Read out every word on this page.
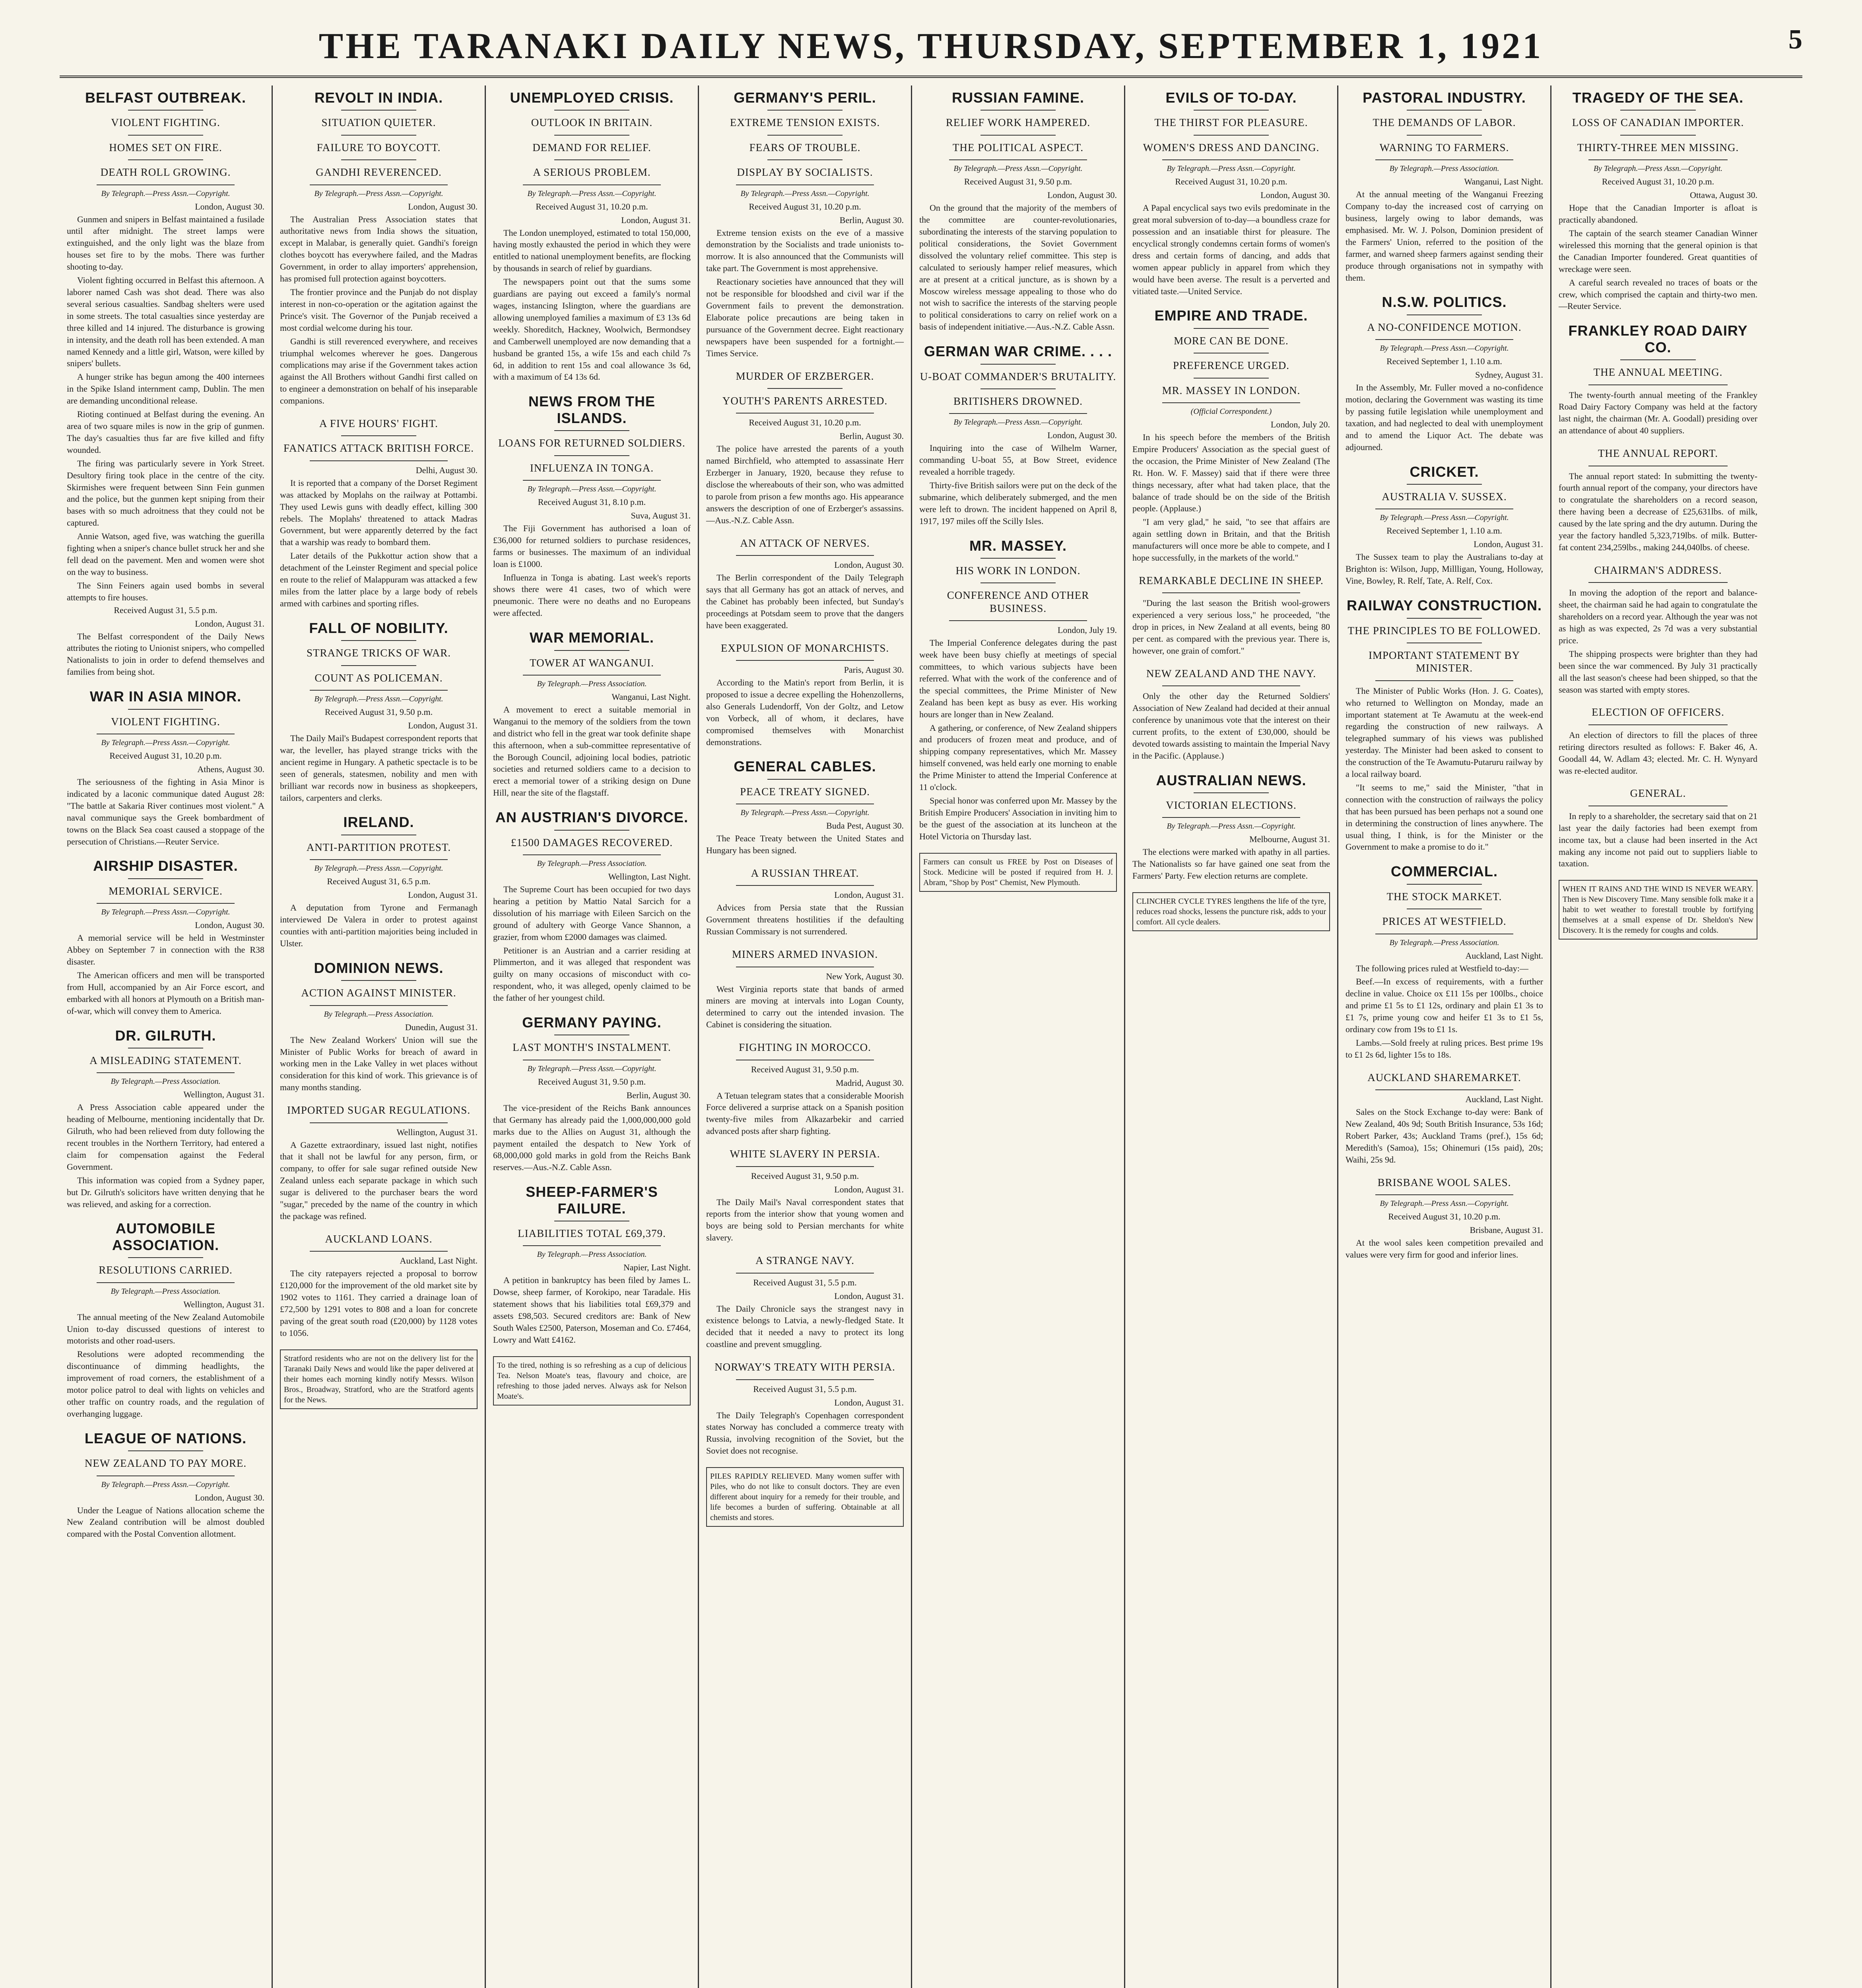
THE TARANAKI DAILY NEWS, THURSDAY, SEPTEMBER 1, 1921	5
BELFAST OUTBREAK.
VIOLENT FIGHTING.
HOMES SET ON FIRE.
DEATH ROLL GROWING.
By Telegraph.—Press Assn.—Copyright.
London, August 30.

Gunmen and snipers in Belfast maintained a fusilade until after midnight. The street lamps were extinguished, and the only light was the blaze from houses set fire to by the mobs. There was further shooting to-day.

Violent fighting occurred in Belfast this afternoon. A laborer named Cash was shot dead. There was also several serious casualties. Sandbag shelters were used in some streets. The total casualties since yesterday are three killed and 14 injured. The disturbance is growing in intensity, and the death roll has been extended. A man named Kennedy and a little girl, Watson, were killed by snipers' bullets.

A hunger strike has begun among the 400 internees in the Spike Island internment camp, Dublin. The men are demanding unconditional release.

Rioting continued at Belfast during the evening. An area of two square miles is now in the grip of gunmen. The day's casualties thus far are five killed and fifty wounded.

The firing was particularly severe in York Street. Desultory firing took place in the centre of the city. Skirmishes were frequent between Sinn Fein gunmen and the police, but the gunmen kept sniping from their bases with so much adroitness that they could not be captured.

Annie Watson, aged five, was watching the guerilla fighting when a sniper's chance bullet struck her and she fell dead on the pavement. Men and women were shot on the way to business.

The Sinn Feiners again used bombs in several attempts to fire houses.

Received August 31, 5.5 p.m.
London, August 31.

The Belfast correspondent of the Daily News attributes the rioting to Unionist snipers, who compelled Nationalists to join in order to defend themselves and families from being shot.

WAR IN ASIA MINOR.
VIOLENT FIGHTING.
By Telegraph.—Press Assn.—Copyright.
Received August 31, 10.20 p.m.
Athens, August 30.

The seriousness of the fighting in Asia Minor is indicated by a laconic communique dated August 28: "The battle at Sakaria River continues most violent." A naval communique says the Greek bombardment of towns on the Black Sea coast caused a stoppage of the persecution of Christians.—Reuter Service.

AIRSHIP DISASTER.
MEMORIAL SERVICE.
By Telegraph.—Press Assn.—Copyright.
London, August 30.

A memorial service will be held in Westminster Abbey on September 7 in connection with the R38 disaster.

The American officers and men will be transported from Hull, accompanied by an Air Force escort, and embarked with all honors at Plymouth on a British man-of-war, which will convey them to America.

DR. GILRUTH.
A MISLEADING STATEMENT.
By Telegraph.—Press Association.
Wellington, August 31.

A Press Association cable appeared under the heading of Melbourne, mentioning incidentally that Dr. Gilruth, who had been relieved from duty following the recent troubles in the Northern Territory, had entered a claim for compensation against the Federal Government.

This information was copied from a Sydney paper, but Dr. Gilruth's solicitors have written denying that he was relieved, and asking for a correction.

AUTOMOBILE ASSOCIATION.
RESOLUTIONS CARRIED.
By Telegraph.—Press Association.
Wellington, August 31.

The annual meeting of the New Zealand Automobile Union to-day discussed questions of interest to motorists and other road-users.

Resolutions were adopted recommending the discontinuance of dimming headlights, the improvement of road corners, the establishment of a motor police patrol to deal with lights on vehicles and other traffic on country roads, and the regulation of overhanging luggage.

LEAGUE OF NATIONS.
NEW ZEALAND TO PAY MORE.
By Telegraph.—Press Assn.—Copyright.
London, August 30.

Under the League of Nations allocation scheme the New Zealand contribution will be almost doubled compared with the Postal Convention allotment.

REVOLT IN INDIA.
SITUATION QUIETER.
FAILURE TO BOYCOTT.
GANDHI REVERENCED.
By Telegraph.—Press Assn.—Copyright.
London, August 30.

The Australian Press Association states that authoritative news from India shows the situation, except in Malabar, is generally quiet. Gandhi's foreign clothes boycott has everywhere failed, and the Madras Government, in order to allay importers' apprehension, has promised full protection against boycotters.

The frontier province and the Punjab do not display interest in non-co-operation or the agitation against the Prince's visit. The Governor of the Punjab received a most cordial welcome during his tour.

Gandhi is still reverenced everywhere, and receives triumphal welcomes wherever he goes. Dangerous complications may arise if the Government takes action against the All Brothers without Gandhi first called on to engineer a demonstration on behalf of his inseparable companions.

A FIVE HOURS' FIGHT.
FANATICS ATTACK BRITISH FORCE.
Delhi, August 30.

It is reported that a company of the Dorset Regiment was attacked by Moplahs on the railway at Pottambi. They used Lewis guns with deadly effect, killing 300 rebels. The Moplahs' threatened to attack Madras Government, but were apparently deterred by the fact that a warship was ready to bombard them.

Later details of the Pukkottur action show that a detachment of the Leinster Regiment and special police en route to the relief of Malappuram was attacked a few miles from the latter place by a large body of rebels armed with carbines and sporting rifles.

FALL OF NOBILITY.
STRANGE TRICKS OF WAR.
COUNT AS POLICEMAN.
By Telegraph.—Press Assn.—Copyright.
Received August 31, 9.50 p.m.
London, August 31.

The Daily Mail's Budapest correspondent reports that war, the leveller, has played strange tricks with the ancient regime in Hungary. A pathetic spectacle is to be seen of generals, statesmen, nobility and men with brilliant war records now in business as shopkeepers, tailors, carpenters and clerks.

IRELAND.
ANTI-PARTITION PROTEST.
By Telegraph.—Press Assn.—Copyright.
Received August 31, 6.5 p.m.
London, August 31.

A deputation from Tyrone and Fermanagh interviewed De Valera in order to protest against counties with anti-partition majorities being included in Ulster.

DOMINION NEWS.
ACTION AGAINST MINISTER.
By Telegraph.—Press Association.
Dunedin, August 31.

The New Zealand Workers' Union will sue the Minister of Public Works for breach of award in working men in the Lake Valley in wet places without consideration for this kind of work. This grievance is of many months standing.

IMPORTED SUGAR REGULATIONS.
Wellington, August 31.

A Gazette extraordinary, issued last night, notifies that it shall not be lawful for any person, firm, or company, to offer for sale sugar refined outside New Zealand unless each separate package in which such sugar is delivered to the purchaser bears the word "sugar," preceded by the name of the country in which the package was refined.

AUCKLAND LOANS.
Auckland, Last Night.

The city ratepayers rejected a proposal to borrow £120,000 for the improvement of the old market site by 1902 votes to 1161. They carried a drainage loan of £72,500 by 1291 votes to 808 and a loan for concrete paving of the great south road (£20,000) by 1128 votes to 1056.

Stratford residents who are not on the delivery list for the Taranaki Daily News and would like the paper delivered at their homes each morning kindly notify Messrs. Wilson Bros., Broadway, Stratford, who are the Stratford agents for the News.
UNEMPLOYED CRISIS.
OUTLOOK IN BRITAIN.
DEMAND FOR RELIEF.
A SERIOUS PROBLEM.
By Telegraph.—Press Assn.—Copyright.
Received August 31, 10.20 p.m.
London, August 31.

The London unemployed, estimated to total 150,000, having mostly exhausted the period in which they were entitled to national unemployment benefits, are flocking by thousands in search of relief by guardians.

The newspapers point out that the sums some guardians are paying out exceed a family's normal wages, instancing Islington, where the guardians are allowing unemployed families a maximum of £3 13s 6d weekly. Shoreditch, Hackney, Woolwich, Bermondsey and Camberwell unemployed are now demanding that a husband be granted 15s, a wife 15s and each child 7s 6d, in addition to rent 15s and coal allowance 3s 6d, with a maximum of £4 13s 6d.

NEWS FROM THE ISLANDS.
LOANS FOR RETURNED SOLDIERS.
INFLUENZA IN TONGA.
By Telegraph.—Press Assn.—Copyright.
Received August 31, 8.10 p.m.
Suva, August 31.

The Fiji Government has authorised a loan of £36,000 for returned soldiers to purchase residences, farms or businesses. The maximum of an individual loan is £1000.

Influenza in Tonga is abating. Last week's reports shows there were 41 cases, two of which were pneumonic. There were no deaths and no Europeans were affected.

WAR MEMORIAL.
TOWER AT WANGANUI.
By Telegraph.—Press Association.
Wanganui, Last Night.

A movement to erect a suitable memorial in Wanganui to the memory of the soldiers from the town and district who fell in the great war took definite shape this afternoon, when a sub-committee representative of the Borough Council, adjoining local bodies, patriotic societies and returned soldiers came to a decision to erect a memorial tower of a striking design on Dune Hill, near the site of the flagstaff.

AN AUSTRIAN'S DIVORCE.
£1500 DAMAGES RECOVERED.
By Telegraph.—Press Association.
Wellington, Last Night.

The Supreme Court has been occupied for two days hearing a petition by Mattio Natal Sarcich for a dissolution of his marriage with Eileen Sarcich on the ground of adultery with George Vance Shannon, a grazier, from whom £2000 damages was claimed.

Petitioner is an Austrian and a carrier residing at Plimmerton, and it was alleged that respondent was guilty on many occasions of misconduct with co-respondent, who, it was alleged, openly claimed to be the father of her youngest child.

GERMANY PAYING.
LAST MONTH'S INSTALMENT.
By Telegraph.—Press Assn.—Copyright.
Received August 31, 9.50 p.m.
Berlin, August 30.

The vice-president of the Reichs Bank announces that Germany has already paid the 1,000,000,000 gold marks due to the Allies on August 31, although the payment entailed the despatch to New York of 68,000,000 gold marks in gold from the Reichs Bank reserves.—Aus.-N.Z. Cable Assn.

SHEEP-FARMER'S FAILURE.
LIABILITIES TOTAL £69,379.
By Telegraph.—Press Association.
Napier, Last Night.

A petition in bankruptcy has been filed by James L. Dowse, sheep farmer, of Korokipo, near Taradale. His statement shows that his liabilities total £69,379 and assets £98,503. Secured creditors are: Bank of New South Wales £2500, Paterson, Moseman and Co. £7464, Lowry and Watt £4162.

To the tired, nothing is so refreshing as a cup of delicious Tea. Nelson Moate's teas, flavoury and choice, are refreshing to those jaded nerves. Always ask for Nelson Moate's.
GERMANY'S PERIL.
EXTREME TENSION EXISTS.
FEARS OF TROUBLE.
DISPLAY BY SOCIALISTS.
By Telegraph.—Press Assn.—Copyright.
Received August 31, 10.20 p.m.
Berlin, August 30.

Extreme tension exists on the eve of a massive demonstration by the Socialists and trade unionists to-morrow. It is also announced that the Communists will take part. The Government is most apprehensive.

Reactionary societies have announced that they will not be responsible for bloodshed and civil war if the Government fails to prevent the demonstration. Elaborate police precautions are being taken in pursuance of the Government decree. Eight reactionary newspapers have been suspended for a fortnight.—Times Service.

MURDER OF ERZBERGER.
YOUTH'S PARENTS ARRESTED.
Received August 31, 10.20 p.m.
Berlin, August 30.

The police have arrested the parents of a youth named Birchfield, who attempted to assassinate Herr Erzberger in January, 1920, because they refuse to disclose the whereabouts of their son, who was admitted to parole from prison a few months ago. His appearance answers the description of one of Erzberger's assassins.—Aus.-N.Z. Cable Assn.

AN ATTACK OF NERVES.
London, August 30.

The Berlin correspondent of the Daily Telegraph says that all Germany has got an attack of nerves, and the Cabinet has probably been infected, but Sunday's proceedings at Potsdam seem to prove that the dangers have been exaggerated.

EXPULSION OF MONARCHISTS.
Paris, August 30.

According to the Matin's report from Berlin, it is proposed to issue a decree expelling the Hohenzollerns, also Generals Ludendorff, Von der Goltz, and Letow von Vorbeck, all of whom, it declares, have compromised themselves with Monarchist demonstrations.

GENERAL CABLES.
PEACE TREATY SIGNED.
By Telegraph.—Press Assn.—Copyright.
Buda Pest, August 30.

The Peace Treaty between the United States and Hungary has been signed.

A RUSSIAN THREAT.
London, August 31.

Advices from Persia state that the Russian Government threatens hostilities if the defaulting Russian Commissary is not surrendered.

MINERS ARMED INVASION.
New York, August 30.

West Virginia reports state that bands of armed miners are moving at intervals into Logan County, determined to carry out the intended invasion. The Cabinet is considering the situation.

FIGHTING IN MOROCCO.
Received August 31, 9.50 p.m.
Madrid, August 30.

A Tetuan telegram states that a considerable Moorish Force delivered a surprise attack on a Spanish position twenty-five miles from Alkazarbekir and carried advanced posts after sharp fighting.

WHITE SLAVERY IN PERSIA.
Received August 31, 9.50 p.m.
London, August 31.

The Daily Mail's Naval correspondent states that reports from the interior show that young women and boys are being sold to Persian merchants for white slavery.

A STRANGE NAVY.
Received August 31, 5.5 p.m.
London, August 31.

The Daily Chronicle says the strangest navy in existence belongs to Latvia, a newly-fledged State. It decided that it needed a navy to protect its long coastline and prevent smuggling.

NORWAY'S TREATY WITH PERSIA.
Received August 31, 5.5 p.m.
London, August 31.

The Daily Telegraph's Copenhagen correspondent states Norway has concluded a commerce treaty with Russia, involving recognition of the Soviet, but the Soviet does not recognise.

PILES RAPIDLY RELIEVED. Many women suffer with Piles, who do not like to consult doctors. They are even different about inquiry for a remedy for their trouble, and life becomes a burden of suffering. Obtainable at all chemists and stores.
RUSSIAN FAMINE.
RELIEF WORK HAMPERED.
THE POLITICAL ASPECT.
By Telegraph.—Press Assn.—Copyright.
Received August 31, 9.50 p.m.
London, August 30.

On the ground that the majority of the members of the committee are counter-revolutionaries, subordinating the interests of the starving population to political considerations, the Soviet Government dissolved the voluntary relief committee. This step is calculated to seriously hamper relief measures, which are at present at a critical juncture, as is shown by a Moscow wireless message appealing to those who do not wish to sacrifice the interests of the starving people to political considerations to carry on relief work on a basis of independent initiative.—Aus.-N.Z. Cable Assn.

GERMAN WAR CRIME. . . .
U-BOAT COMMANDER'S BRUTALITY.
BRITISHERS DROWNED.
By Telegraph.—Press Assn.—Copyright.
London, August 30.

Inquiring into the case of Wilhelm Warner, commanding U-boat 55, at Bow Street, evidence revealed a horrible tragedy.

Thirty-five British sailors were put on the deck of the submarine, which deliberately submerged, and the men were left to drown. The incident happened on April 8, 1917, 197 miles off the Scilly Isles.

MR. MASSEY.
HIS WORK IN LONDON.
CONFERENCE AND OTHER BUSINESS.
London, July 19.

The Imperial Conference delegates during the past week have been busy chiefly at meetings of special committees, to which various subjects have been referred. What with the work of the conference and of the special committees, the Prime Minister of New Zealand has been kept as busy as ever. His working hours are longer than in New Zealand.

A gathering, or conference, of New Zealand shippers and producers of frozen meat and produce, and of shipping company representatives, which Mr. Massey himself convened, was held early one morning to enable the Prime Minister to attend the Imperial Conference at 11 o'clock.

Special honor was conferred upon Mr. Massey by the British Empire Producers' Association in inviting him to be the guest of the association at its luncheon at the Hotel Victoria on Thursday last.

Farmers can consult us FREE by Post on Diseases of Stock. Medicine will be posted if required from H. J. Abram, "Shop by Post" Chemist, New Plymouth.
EVILS OF TO-DAY.
THE THIRST FOR PLEASURE.
WOMEN'S DRESS AND DANCING.
By Telegraph.—Press Assn.—Copyright.
Received August 31, 10.20 p.m.
London, August 30.

A Papal encyclical says two evils predominate in the great moral subversion of to-day—a boundless craze for possession and an insatiable thirst for pleasure. The encyclical strongly condemns certain forms of women's dress and certain forms of dancing, and adds that women appear publicly in apparel from which they would have been averse. The result is a perverted and vitiated taste.—United Service.

EMPIRE AND TRADE.
MORE CAN BE DONE.
PREFERENCE URGED.
MR. MASSEY IN LONDON.
(Official Correspondent.)
London, July 20.

In his speech before the members of the British Empire Producers' Association as the special guest of the occasion, the Prime Minister of New Zealand (The Rt. Hon. W. F. Massey) said that if there were three things necessary, after what had taken place, that the balance of trade should be on the side of the British people. (Applause.)

"I am very glad," he said, "to see that affairs are again settling down in Britain, and that the British manufacturers will once more be able to compete, and I hope successfully, in the markets of the world."

REMARKABLE DECLINE IN SHEEP.

"During the last season the British wool-growers experienced a very serious loss," he proceeded, "the drop in prices, in New Zealand at all events, being 80 per cent. as compared with the previous year. There is, however, one grain of comfort."

NEW ZEALAND AND THE NAVY.

Only the other day the Returned Soldiers' Association of New Zealand had decided at their annual conference by unanimous vote that the interest on their current profits, to the extent of £30,000, should be devoted towards assisting to maintain the Imperial Navy in the Pacific. (Applause.)

AUSTRALIAN NEWS.
VICTORIAN ELECTIONS.
By Telegraph.—Press Assn.—Copyright.
Melbourne, August 31.

The elections were marked with apathy in all parties. The Nationalists so far have gained one seat from the Farmers' Party. Few election returns are complete.

CLINCHER CYCLE TYRES lengthens the life of the tyre, reduces road shocks, lessens the puncture risk, adds to your comfort. All cycle dealers.
PASTORAL INDUSTRY.
THE DEMANDS OF LABOR.
WARNING TO FARMERS.
By Telegraph.—Press Association.
Wanganui, Last Night.

At the annual meeting of the Wanganui Freezing Company to-day the increased cost of carrying on business, largely owing to labor demands, was emphasised. Mr. W. J. Polson, Dominion president of the Farmers' Union, referred to the position of the farmer, and warned sheep farmers against sending their produce through organisations not in sympathy with them.

N.S.W. POLITICS.
A NO-CONFIDENCE MOTION.
By Telegraph.—Press Assn.—Copyright.
Received September 1, 1.10 a.m.
Sydney, August 31.

In the Assembly, Mr. Fuller moved a no-confidence motion, declaring the Government was wasting its time by passing futile legislation while unemployment and taxation, and had neglected to deal with unemployment and to amend the Liquor Act. The debate was adjourned.

CRICKET.
AUSTRALIA V. SUSSEX.
By Telegraph.—Press Assn.—Copyright.
Received September 1, 1.10 a.m.
London, August 31.

The Sussex team to play the Australians to-day at Brighton is: Wilson, Jupp, Millligan, Young, Holloway, Vine, Bowley, R. Relf, Tate, A. Relf, Cox.

RAILWAY CONSTRUCTION.
THE PRINCIPLES TO BE FOLLOWED.
IMPORTANT STATEMENT BY MINISTER.

The Minister of Public Works (Hon. J. G. Coates), who returned to Wellington on Monday, made an important statement at Te Awamutu at the week-end regarding the construction of new railways. A telegraphed summary of his views was published yesterday. The Minister had been asked to consent to the construction of the Te Awamutu-Putaruru railway by a local railway board.

"It seems to me," said the Minister, "that in connection with the construction of railways the policy that has been pursued has been perhaps not a sound one in determining the construction of lines anywhere. The usual thing, I think, is for the Minister or the Government to make a promise to do it."

COMMERCIAL.
THE STOCK MARKET.
PRICES AT WESTFIELD.
By Telegraph.—Press Association.
Auckland, Last Night.

The following prices ruled at Westfield to-day:—

Beef.—In excess of requirements, with a further decline in value. Choice ox £11 15s per 100lbs., choice and prime £1 5s to £1 12s, ordinary and plain £1 3s to £1 7s, prime young cow and heifer £1 3s to £1 5s, ordinary cow from 19s to £1 1s.

Lambs.—Sold freely at ruling prices. Best prime 19s to £1 2s 6d, lighter 15s to 18s.

AUCKLAND SHAREMARKET.
Auckland, Last Night.

Sales on the Stock Exchange to-day were: Bank of New Zealand, 40s 9d; South British Insurance, 53s 16d; Robert Parker, 43s; Auckland Trams (pref.), 15s 6d; Meredith's (Samoa), 15s; Ohinemuri (15s paid), 20s; Waihi, 25s 9d.

BRISBANE WOOL SALES.
By Telegraph.—Press Assn.—Copyright.
Received August 31, 10.20 p.m.
Brisbane, August 31.

At the wool sales keen competition prevailed and values were very firm for good and inferior lines.

TRAGEDY OF THE SEA.
LOSS OF CANADIAN IMPORTER.
THIRTY-THREE MEN MISSING.
By Telegraph.—Press Assn.—Copyright.
Received August 31, 10.20 p.m.
Ottawa, August 30.

Hope that the Canadian Importer is afloat is practically abandoned.

The captain of the search steamer Canadian Winner wirelessed this morning that the general opinion is that the Canadian Importer foundered. Great quantities of wreckage were seen.

A careful search revealed no traces of boats or the crew, which comprised the captain and thirty-two men.—Reuter Service.

FRANKLEY ROAD DAIRY CO.
THE ANNUAL MEETING.

The twenty-fourth annual meeting of the Frankley Road Dairy Factory Company was held at the factory last night, the chairman (Mr. A. Goodall) presiding over an attendance of about 40 suppliers.

THE ANNUAL REPORT.

The annual report stated: In submitting the twenty-fourth annual report of the company, your directors have to congratulate the shareholders on a record season, there having been a decrease of £25,631lbs. of milk, caused by the late spring and the dry autumn. During the year the factory handled 5,323,719lbs. of milk. Butter-fat content 234,259lbs., making 244,040lbs. of cheese.

CHAIRMAN'S ADDRESS.

In moving the adoption of the report and balance-sheet, the chairman said he had again to congratulate the shareholders on a record year. Although the year was not as high as was expected, 2s 7d was a very substantial price.

The shipping prospects were brighter than they had been since the war commenced. By July 31 practically all the last season's cheese had been shipped, so that the season was started with empty stores.

ELECTION OF OFFICERS.

An election of directors to fill the places of three retiring directors resulted as follows: F. Baker 46, A. Goodall 44, W. Adlam 43; elected. Mr. C. H. Wynyard was re-elected auditor.

GENERAL.

In reply to a shareholder, the secretary said that on 21 last year the daily factories had been exempt from income tax, but a clause had been inserted in the Act making any income not paid out to suppliers liable to taxation.

WHEN IT RAINS AND THE WIND IS NEVER WEARY. Then is New Discovery Time. Many sensible folk make it a habit to wet weather to forestall trouble by fortifying themselves at a small expense of Dr. Sheldon's New Discovery. It is the remedy for coughs and colds.
